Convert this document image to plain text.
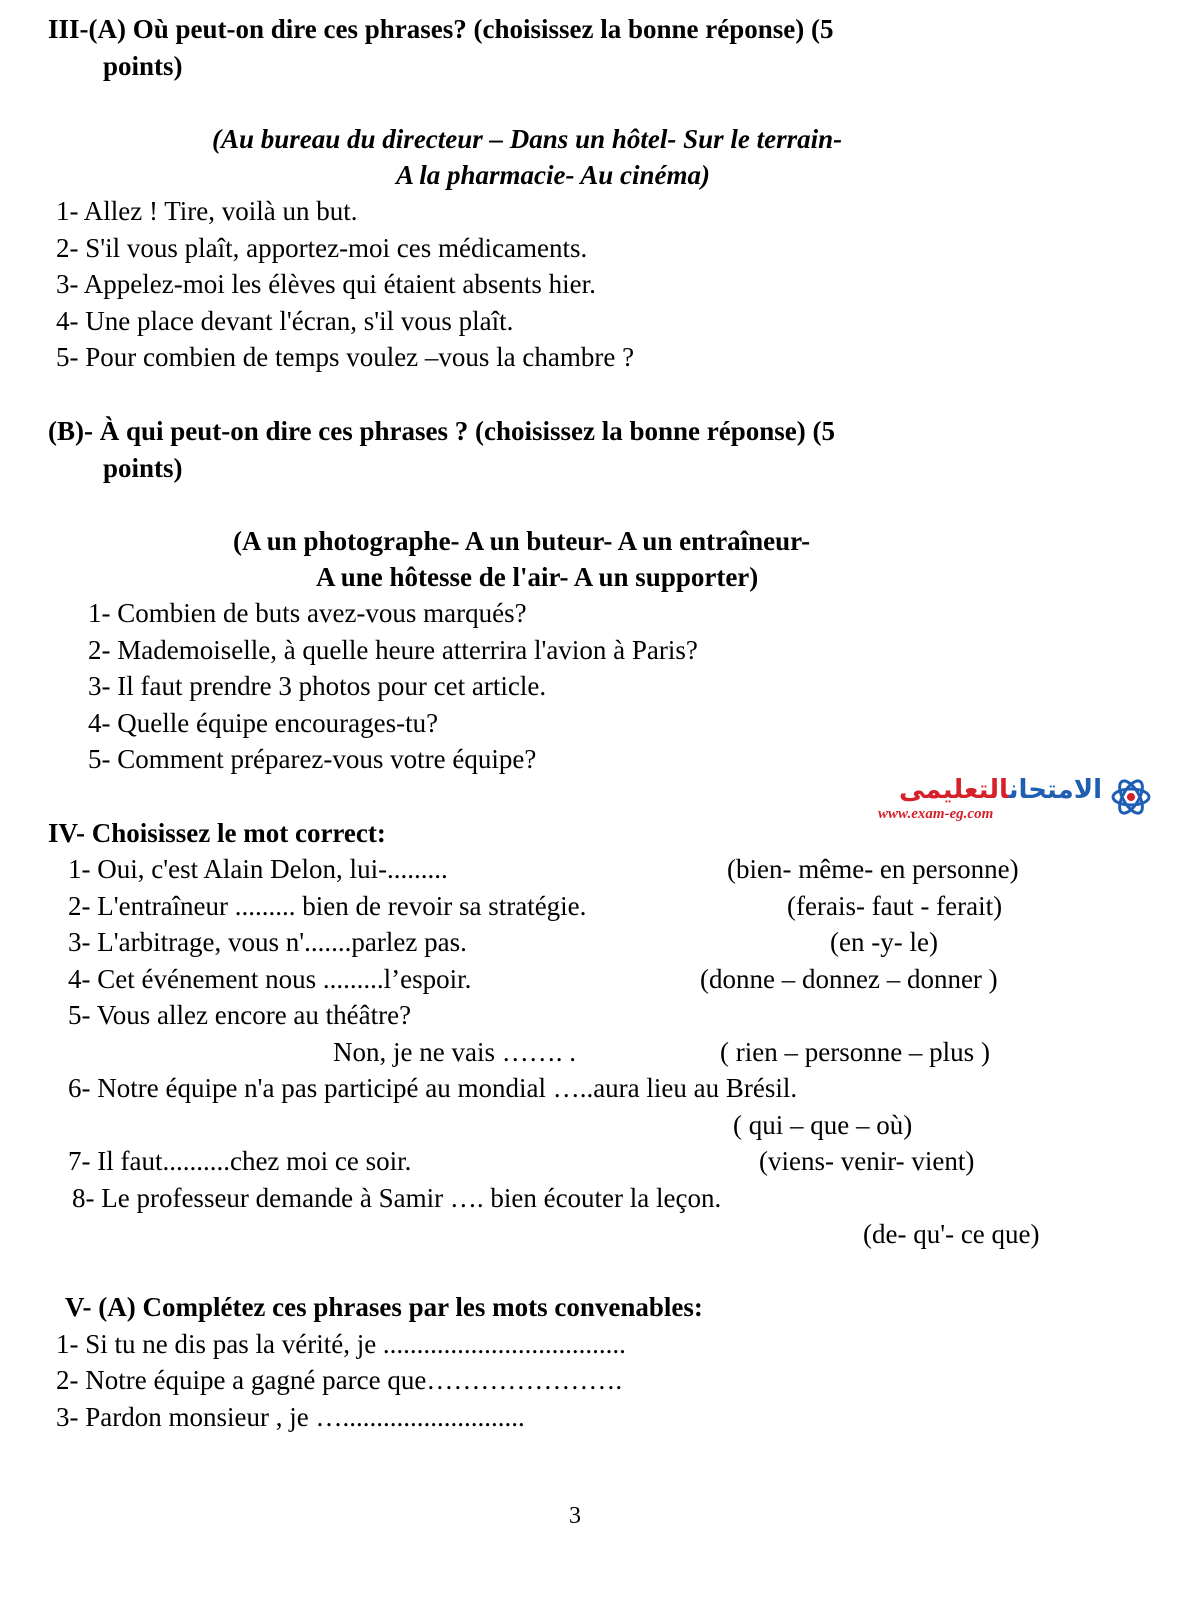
III-(A) Où peut-on dire ces phrases? (choisissez la bonne réponse) (5
points)
(Au bureau du directeur – Dans un hôtel- Sur le terrain-
A la pharmacie- Au cinéma)
1- Allez ! Tire, voilà un but.
2- S'il vous plaît, apportez-moi ces médicaments.
3- Appelez-moi les élèves qui étaient absents hier.
4- Une place devant l'écran, s'il vous plaît.
5- Pour combien de temps voulez –vous la chambre ?
(B)- À qui peut-on dire ces phrases ? (choisissez la bonne réponse) (5
points)
(A un photographe- A un buteur- A un entraîneur-
A une hôtesse de l'air- A un supporter)
1- Combien de buts avez-vous marqués?
2- Mademoiselle, à quelle heure atterrira l'avion à Paris?
3- Il faut prendre 3 photos pour cet article.
4- Quelle équipe encourages-tu?
5- Comment préparez-vous votre équipe?
الامتحانالتعليمى
www.exam-eg.com
IV- Choisissez le mot correct:
1- Oui, c'est Alain Delon, lui-.........	(bien- même- en personne)
2- L'entraîneur ......... bien de revoir sa stratégie.	(ferais- faut - ferait)
3- L'arbitrage, vous n'.......parlez pas.	(en -y- le)
4- Cet événement nous .........l’espoir.	(donne – donnez – donner )
5- Vous allez encore au théâtre?
Non, je ne vais ……. .	( rien – personne – plus )
6- Notre équipe n'a pas participé au mondial …..aura lieu au Brésil.
( qui – que – où)
7- Il faut..........chez moi ce soir.	(viens- venir- vient)
8- Le professeur demande à Samir …. bien écouter la leçon.
(de- qu'- ce que)
V- (A) Complétez ces phrases par les mots convenables:
1- Si tu ne dis pas la vérité, je ....................................
2- Notre équipe a gagné parce que………………….
3- Pardon monsieur , je …...........................
3
